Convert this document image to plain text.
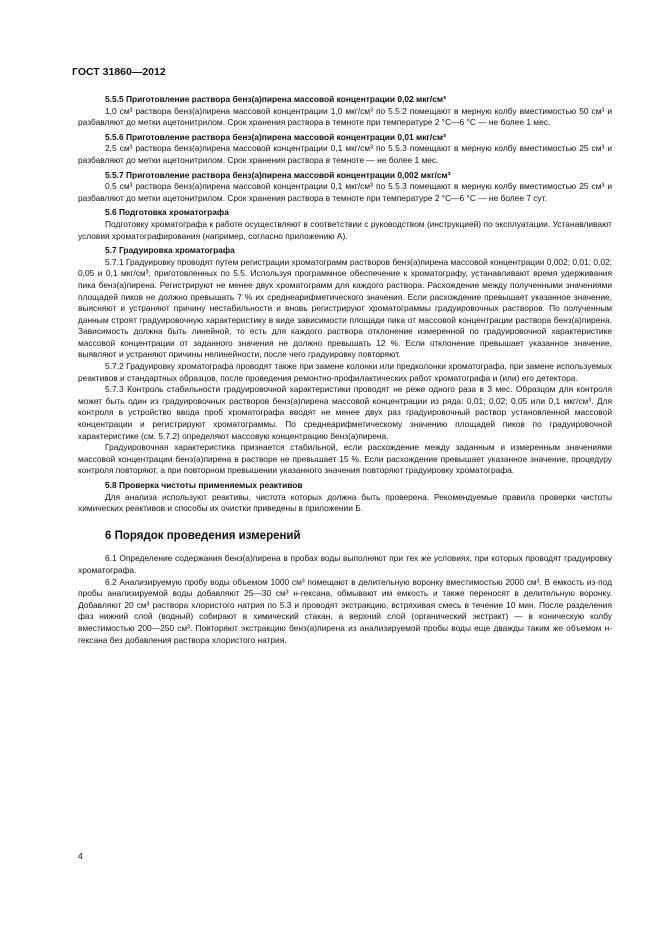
ГОСТ 31860—2012

5.5.5 Приготовление раствора бенз(а)пирена массовой концентрации 0,02 мкг/см³

1,0 см³ раствора бенз(а)пирена массовой концентрации 1,0 мкг/см³ по 5.5.2 помещают в мерную колбу вместимостью 50 см³ и разбавляют до метки ацетонитрилом. Срок хранения раствора в темноте при температуре 2 °С—6 °С — не более 1 мес.

5.5.6 Приготовление раствора бенз(а)пирена массовой концентрации 0,01 мкг/см³

2,5 см³ раствора бенз(а)пирена массовой концентрации 0,1 мкг/см³ по 5.5.3 помещают в мерную колбу вместимостью 25 см³ и разбавляют до метки ацетонитрилом. Срок хранения раствора в темноте — не более 1 мес.

5.5.7 Приготовление раствора бенз(а)пирена массовой концентрации 0,002 мкг/см³

0,5 см³ раствора бенз(а)пирена массовой концентрации 0,1 мкг/см³ по 5.5.3 помещают в мерную колбу вместимостью 25 см³ и разбавляют до метки ацетонитрилом. Срок хранения раствора в темноте при температуре 2 °С—6 °С — не более 7 сут.

5.6 Подготовка хроматографа

Подготовку хроматографа к работе осуществляют в соответствии с руководством (инструкцией) по эксплуатации. Устанавливают условия хроматографирования (например, согласно приложению А).

5.7 Градуировка хроматографа

5.7.1 Градуировку проводят путем регистрации хроматограмм растворов бенз(а)пирена массовой концентрации 0,002; 0,01; 0,02; 0,05 и 0,1 мкг/см³, приготовленных по 5.5. Используя программное обеспечение к хроматографу, устанавливают время удерживания пика бенз(а)пирена. Регистрируют не менее двух хроматограмм для каждого раствора. Расхождение между полученными значениями площадей пиков не должно превышать 7 % их среднеарифметического значения. Если расхождение превышает указанное значение, выясняют и устраняют причину нестабильности и вновь регистрируют хроматограммы градуировочных растворов. По полученным данным строят градуировочную характеристику в виде зависимости площади пика от массовой концентрации раствора бенз(а)пирена. Зависимость должна быть линейной, то есть для каждого раствора отклонение измеренной по градуировочной характеристике массовой концентрации от заданного значения не должно превышать 12 %. Если отклонение превышает указанное значение, выявляют и устраняют причины нелинейности, после чего градуировку повторяют.

5.7.2 Градуировку хроматографа проводят также при замене колонки или предколонки хроматографа, при замене используемых реактивов и стандартных образцов, после проведения ремонтно-профилактических работ хроматографа и (или) его детектора.

5.7.3 Контроль стабильности градуировочной характеристики проводят не реже одного раза в 3 мес. Образцом для контроля может быть один из градуировочных растворов бенз(а)пирена массовой концентрации из ряда: 0,01; 0,02; 0,05 или 0,1 мкг/см³. Для контроля в устройство ввода проб хроматографа вводят не менее двух раз градуировочный раствор установленной массовой концентрации и регистрируют хроматограммы. По среднеарифметическому значению площадей пиков по градуировочной характеристике (см. 5.7.2) определяют массовую концентрацию бенз(а)пирена.

Градуировочная характеристика признается стабильной, если расхождение между заданным и измеренным значениями массовой концентрации бенз(а)пирена в растворе не превышает 15 %. Если расхождение превышает указанное значение, процедуру контроля повторяют, а при повторном превышении указанного значения повторяют градуировку хроматографа.

5.8 Проверка чистоты применяемых реактивов

Для анализа используют реактивы, чистота которых должна быть проверена. Рекомендуемые правила проверки чистоты химических реактивов и способы их очистки приведены в приложении Б.

6 Порядок проведения измерений

6.1 Определение содержания бенз(а)пирена в пробах воды выполняют при тех же условиях, при которых проводят градуировку хроматографа.

6.2 Анализируемую пробу воды объемом 1000 см³ помещают в делительную воронку вместимостью 2000 см³. В емкость из-под пробы анализируемой воды добавляют 25—30 см³ н-гексана, обмывают им емкость и также переносят в делительную воронку. Добавляют 20 см³ раствора хлористого натрия по 5.3 и проводят экстракцию, встряхивая смесь в течение 10 мин. После разделения фаз нижний слой (водный) собирают в химический стакан, а верхний слой (органический экстракт) — в коническую колбу вместимостью 200—250 см³. Повторяют экстракцию бенз(а)пирена из анализируемой пробы воды еще дважды таким же объемом н-гексана без добавления раствора хлористого натрия.

4
